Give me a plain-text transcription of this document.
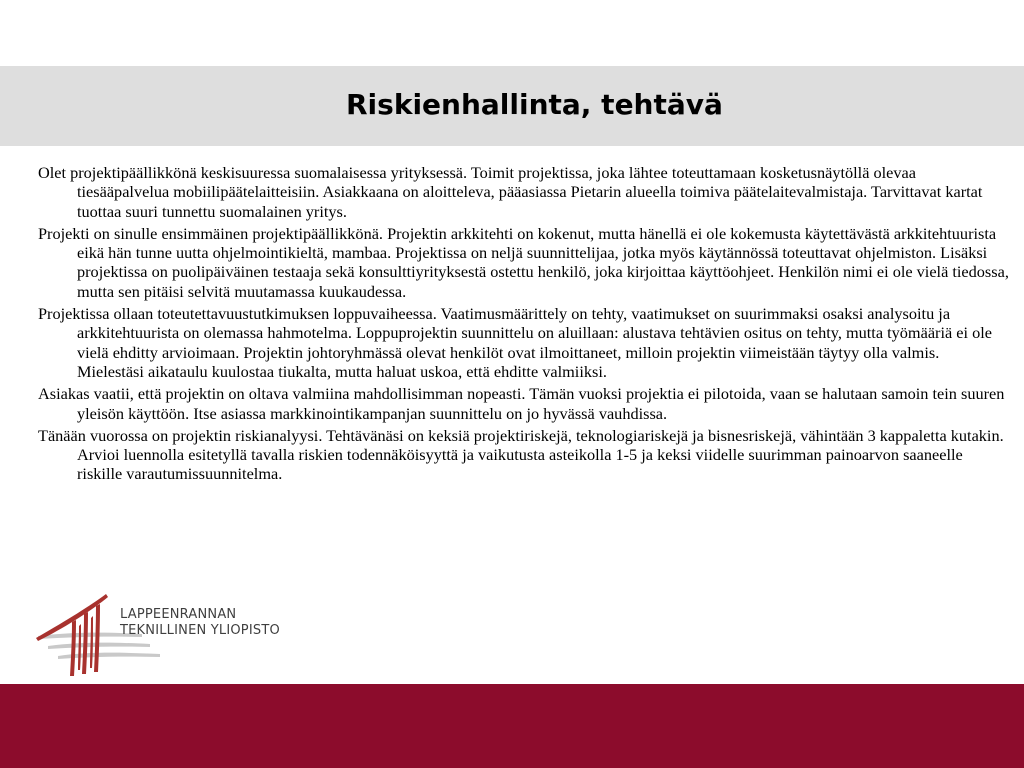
Riskienhallinta, tehtävä

Olet projektipäällikkönä keskisuuressa suomalaisessa yrityksessä. Toimit projektissa, joka lähtee toteuttamaan kosketusnäytöllä olevaa tiesääpalvelua mobiilipäätelaitteisiin. Asiakkaana on aloitteleva, pääasiassa Pietarin alueella toimiva päätelaitevalmistaja. Tarvittavat kartat tuottaa suuri tunnettu suomalainen yritys.

Projekti on sinulle ensimmäinen projektipäällikkönä. Projektin arkkitehti on kokenut, mutta hänellä ei ole kokemusta käytettävästä arkkitehtuurista eikä hän tunne uutta ohjelmointikieltä, mambaa. Projektissa on neljä suunnittelijaa, jotka myös käytännössä toteuttavat ohjelmiston. Lisäksi projektissa on puolipäiväinen testaaja sekä konsulttiyrityksestä ostettu henkilö, joka kirjoittaa käyttöohjeet. Henkilön nimi ei ole vielä tiedossa, mutta sen pitäisi selvitä muutamassa kuukaudessa.

Projektissa ollaan toteutettavuustutkimuksen loppuvaiheessa. Vaatimusmäärittely on tehty, vaatimukset on suurimmaksi osaksi analysoitu ja arkkitehtuurista on olemassa hahmotelma. Loppuprojektin suunnittelu on aluillaan: alustava tehtävien ositus on tehty, mutta työmääriä ei ole vielä ehditty arvioimaan. Projektin johtoryhmässä olevat henkilöt ovat ilmoittaneet, milloin projektin viimeistään täytyy olla valmis. Mielestäsi aikataulu kuulostaa tiukalta, mutta haluat uskoa, että ehditte valmiiksi.

Asiakas vaatii, että projektin on oltava valmiina mahdollisimman nopeasti. Tämän vuoksi projektia ei pilotoida, vaan se halutaan samoin tein suuren yleisön käyttöön. Itse asiassa markkinointikampanjan suunnittelu on jo hyvässä vauhdissa.

Tänään vuorossa on projektin riskianalyysi. Tehtävänäsi on keksiä projektiriskejä, teknologiariskejä ja bisnesriskejä, vähintään 3 kappaletta kutakin. Arvioi luennolla esitetyllä tavalla riskien todennäköisyyttä ja vaikutusta asteikolla 1-5 ja keksi viidelle suurimman painoarvon saaneelle riskille varautumissuunnitelma.

LAPPEENRANNAN
TEKNILLINEN YLIOPISTO
